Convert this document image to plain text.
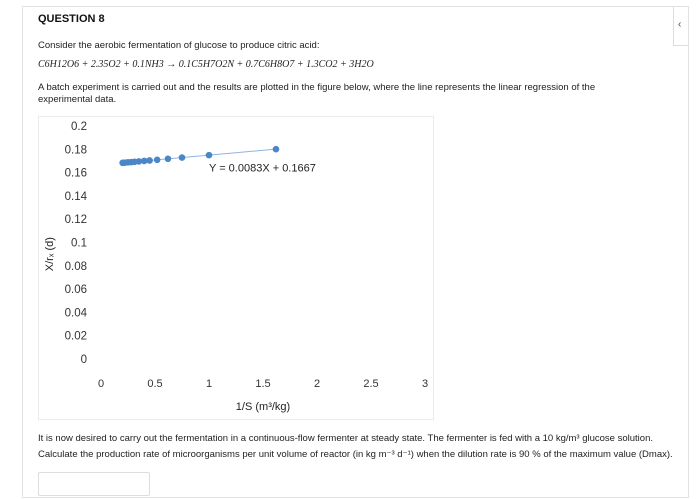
‹
QUESTION 8
Consider the aerobic fermentation of glucose to produce citric acid:
C6H12O6 + 2.35O2 + 0.1NH3 → 0.1C5H7O2N + 0.7C6H8O7 + 1.3CO2 + 3H2O
A batch experiment is carried out and the results are plotted in the figure below, where the line represents the linear regression of the experimental data.
0
0.02
0.04
0.06
0.08
0.1
0.12
0.14
0.16
0.18
0.2
0	0.5	1	1.5	2	2.5	3
Y = 0.0083X + 0.1667
1/S (m³/kg)
X/rₓ (d)
It is now desired to carry out the fermentation in a continuous-flow fermenter at steady state. The fermenter is fed with a 10 kg/m³ glucose solution.
Calculate the production rate of microorganisms per unit volume of reactor (in kg m⁻³ d⁻¹) when the dilution rate is 90 % of the maximum value (Dmax).
